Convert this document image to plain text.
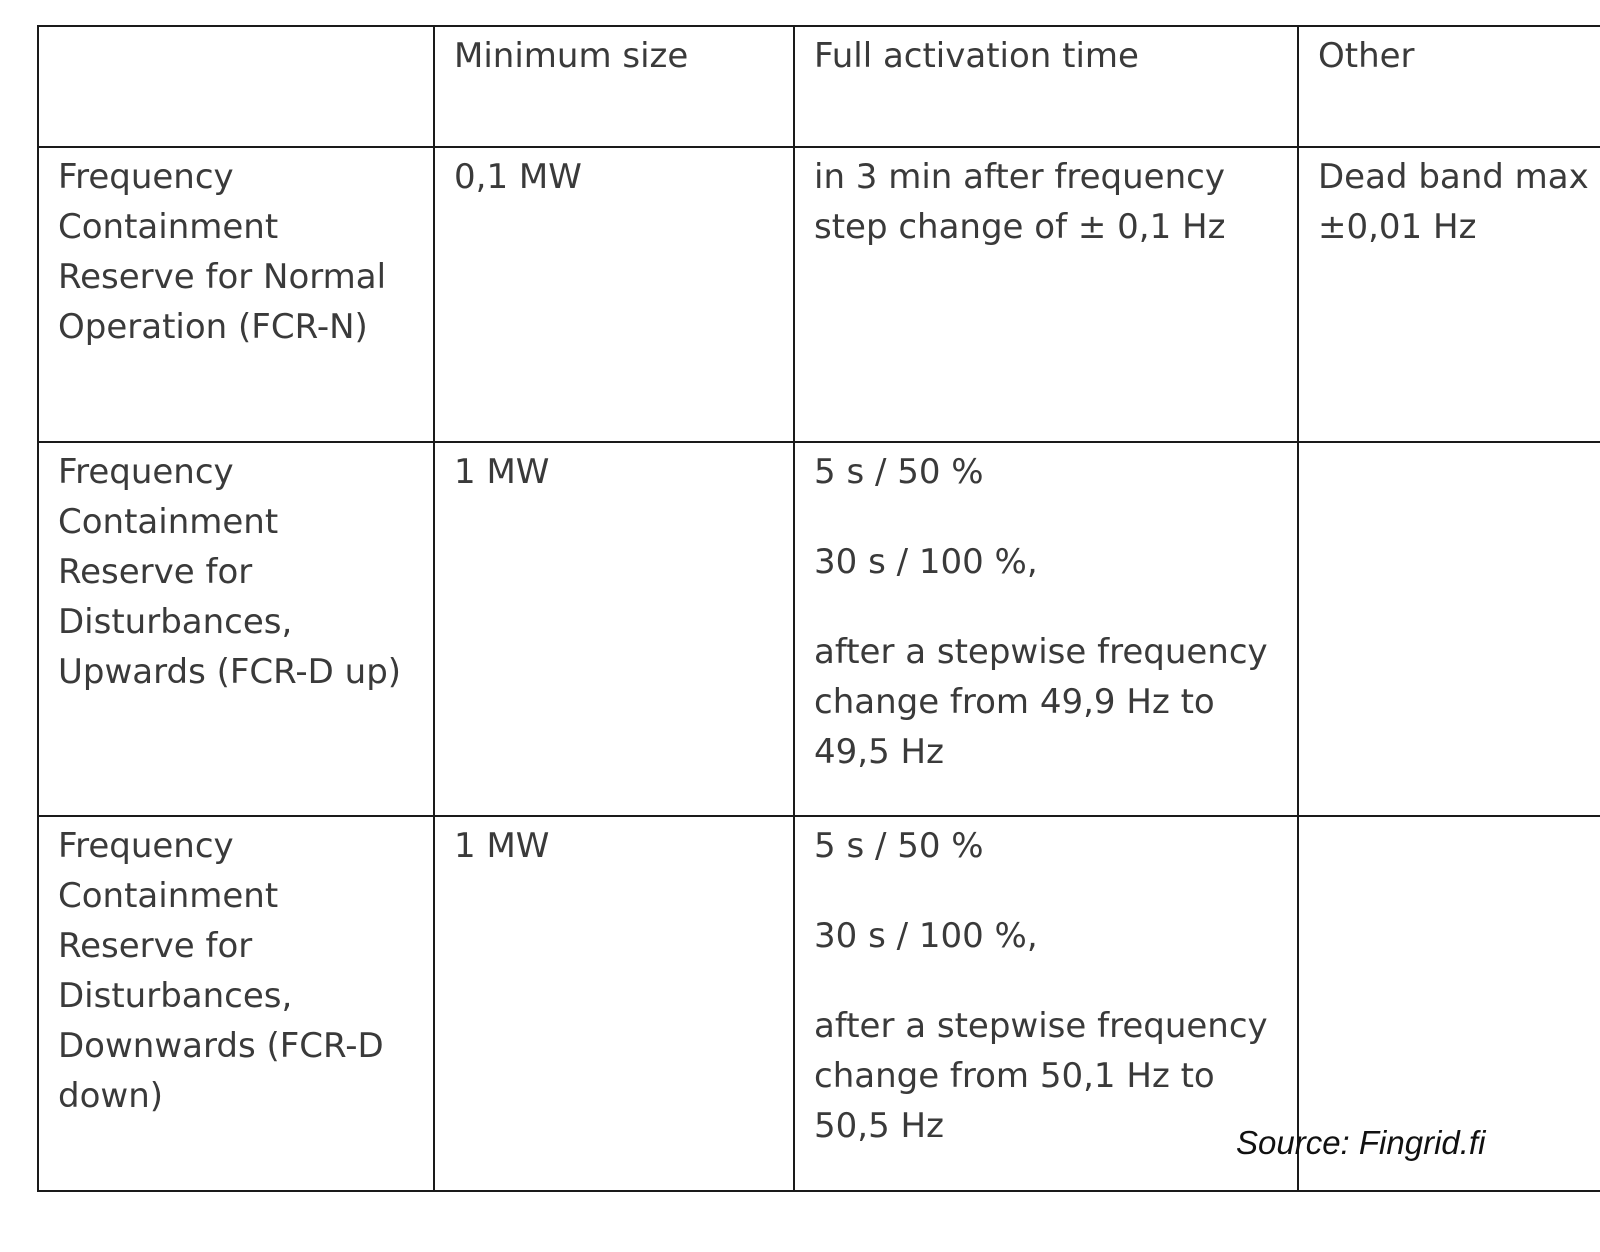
	Minimum size	Full activation time	Other
Frequency Containment Reserve for Normal Operation (FCR-N)	0,1 MW	in 3 min after frequency step change of ± 0,1 Hz	Dead band max ±0,01 Hz
Frequency Containment Reserve for Disturbances, Upwards (FCR-D up)	1 MW	5 s / 50 %
30 s / 100 %,
after a stepwise frequency change from 49,9 Hz to 49,5 Hz	

Frequency Containment Reserve for Disturbances, Downwards (FCR-D down)	1 MW	5 s / 50 %
30 s / 100 %,
after a stepwise frequency change from 50,1 Hz to 50,5 Hz	
		Source: Fingrid.fi
